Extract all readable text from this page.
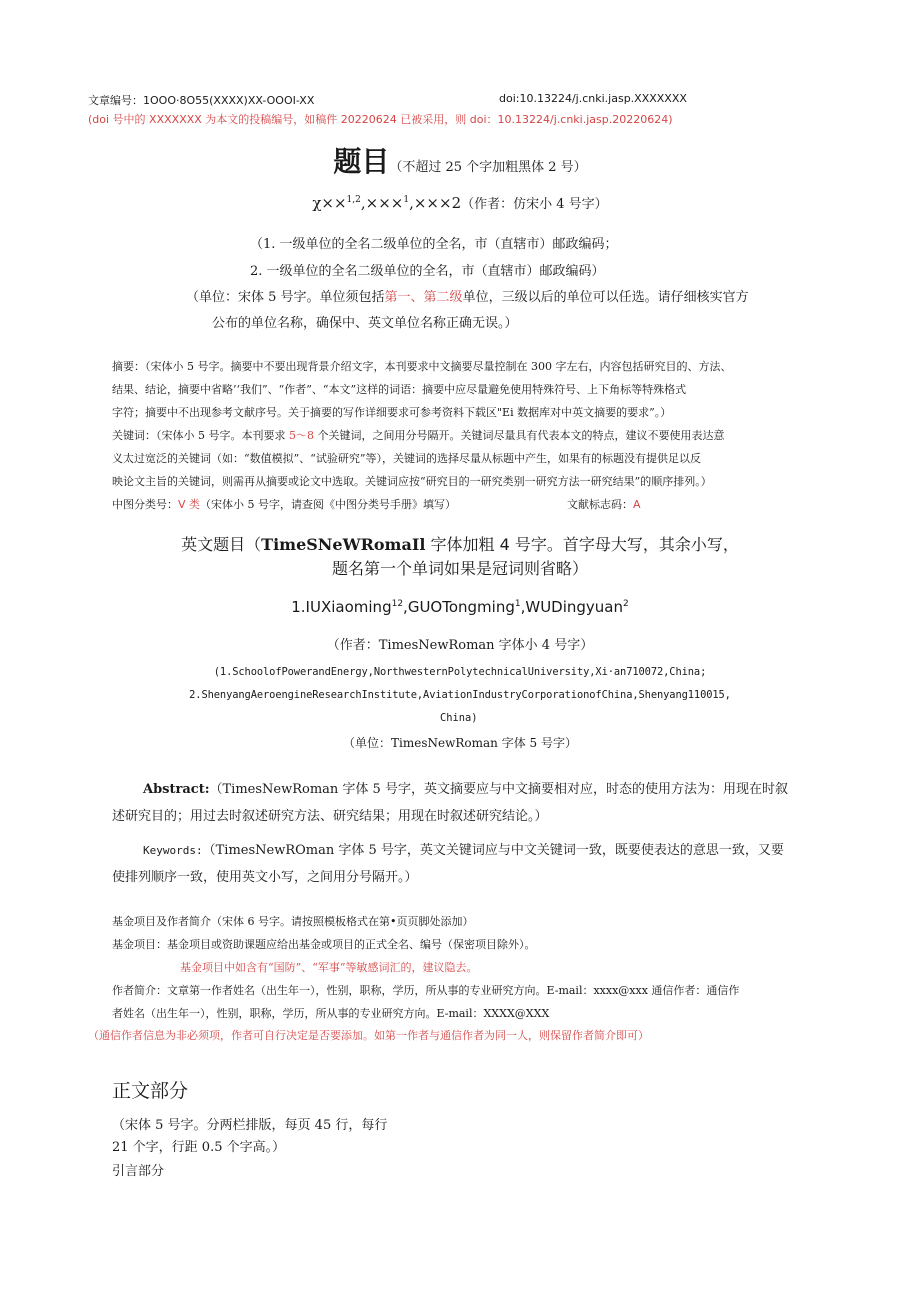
文章编号：1OOO·8O55(XXXX)XX-OOOI-XX	doi:10.13224/j.cnki.jasp.XXXXXXX
(doi 号中的 XXXXXXX 为本文的投稿编号，如稿件 20220624 已被采用，则 doi：10.13224/j.cnki.jasp.20220624)
题目（不超过 25 个字加粗黑体 2 号）
χ××$^{1,2}$,×××$^1$,×××2（作者：仿宋小 4 号字）
（1. 一级单位的全名二级单位的全名，市（直辖市）邮政编码；
2. 一级单位的全名二级单位的全名，市（直辖市）邮政编码）
（单位：宋体 5 号字。单位须包括第一、第二级单位，三级以后的单位可以任选。请仔细核实官方
公布的单位名称，确保中、英文单位名称正确无误。）
摘要：（宋体小 5 号字。摘要中不要出现背景介绍文字，本刊要求中文摘要尽量控制在 300 字左右，内容包括研究目的、方法、
结果、结论，摘要中省略’‘我们”、“作者”、“本文”这样的词语：摘要中应尽量避免使用特殊符号、上下角标等特殊格式
字符；摘要中不出现参考文献序号。关于摘要的写作详细要求可参考资料下载区"Ei 数据库对中英文摘要的要求”。）
关键词：（宋体小 5 号字。本刊要求 5～8 个关键词，之间用分号隔开。关键词尽量具有代表本文的特点，建议不要使用表达意
义太过宽泛的关键词（如：“数值模拟”、“试验研究”等），关键词的选择尽量从标题中产生，如果有的标题没有提供足以反
映论文主旨的关键词，则需再从摘要或论文中选取。关键词应按“研究目的一研究类别一研究方法一研究结果”的顺序排列。）
中图分类号：V 类（宋体小 5 号字，请查阅《中图分类号手册》填写）	文献标志码：A
英文题目（TimeSNeWRomaIl 字体加粗 4 号字。首字母大写，其余小写，
题名第一个单词如果是冠词则省略）
1.IUXiaoming$^{12}$,GUOTongming$^1$,WUDingyuan$^2$
（作者：TimesNewRoman 字体小 4 号字）
(1.SchoolofPowerandEnergy,NorthwesternPolytechnicalUniversity,Xi·an710072,China;
2.ShenyangAeroengineResearchInstitute,AviationIndustryCorporationofChina,Shenyang110015,
China)
（单位：TimesNewRoman 字体 5 号字）
Abstract:（TimesNewRoman 字体 5 号字，英文摘要应与中文摘要相对应，时态的使用方法为：用现在时叙
述研究目的；用过去时叙述研究方法、研究结果；用现在时叙述研究结论。）
Keywords:（TimesNewROman 字体 5 号字，英文关键词应与中文关键词一致，既要使表达的意思一致，又要
使排列顺序一致，使用英文小写，之间用分号隔开。）
基金项目及作者简介（宋体 6 号字。请按照模板格式在第•页页脚处添加）
基金项目：基金项目或资助课题应给出基金或项目的正式全名、编号（保密项目除外）。
基金项目中如含有“国防”、“军事”等敏感词汇的，建议隐去。
作者简介：文章第一作者姓名（出生年一），性别，职称，学历，所从事的专业研究方向。E-mail：xxxx@xxx 通信作者：通信作
者姓名（出生年一），性别，职称，学历，所从事的专业研究方向。E-mail：XXXX@XXX
（通信作者信息为非必须项，作者可自行决定是否要添加。如第一作者与通信作者为同一人，则保留作者简介即可）
正文部分
（宋体 5 号字。分两栏排版，每页 45 行，每行
21 个字，行距 0.5 个字高。）
引言部分
